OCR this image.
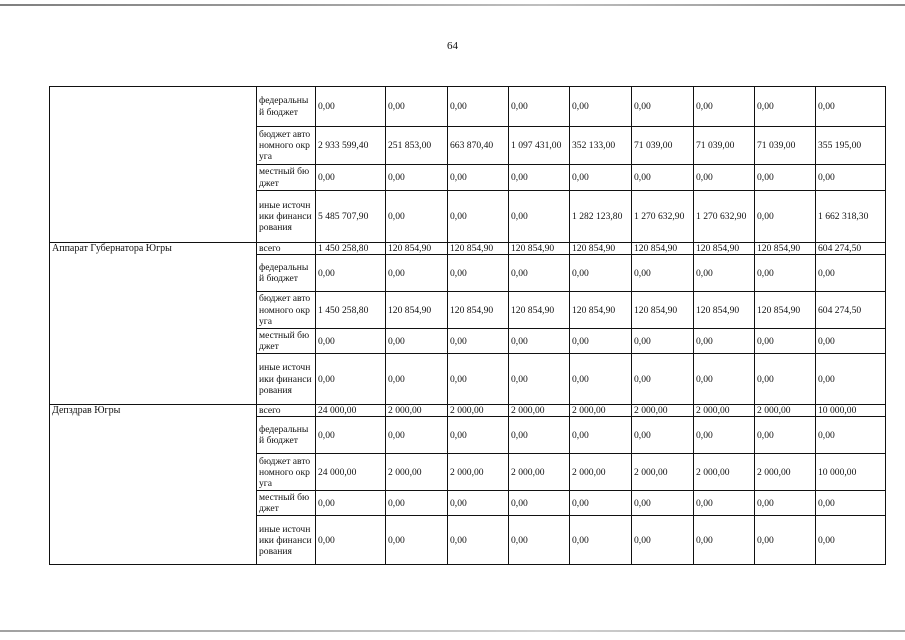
64
	федеральный бюджет	0,00	0,00	0,00	0,00	0,00	0,00	0,00	0,00	0,00
	бюджет автономного округа	2 933 599,40	251 853,00	663 870,40	1 097 431,00	352 133,00	71 039,00	71 039,00	71 039,00	355 195,00
	местный бюджет	0,00	0,00	0,00	0,00	0,00	0,00	0,00	0,00	0,00
	иные источники финансирования	5 485 707,90	0,00	0,00	0,00	1 282 123,80	1 270 632,90	1 270 632,90	0,00	1 662 318,30
Аппарат Губернатора Югры	всего	1 450 258,80	120 854,90	120 854,90	120 854,90	120 854,90	120 854,90	120 854,90	120 854,90	604 274,50
	федеральный бюджет	0,00	0,00	0,00	0,00	0,00	0,00	0,00	0,00	0,00
	бюджет автономного округа	1 450 258,80	120 854,90	120 854,90	120 854,90	120 854,90	120 854,90	120 854,90	120 854,90	604 274,50
	местный бюджет	0,00	0,00	0,00	0,00	0,00	0,00	0,00	0,00	0,00
	иные источники финансирования	0,00	0,00	0,00	0,00	0,00	0,00	0,00	0,00	0,00
Депздрав Югры	всего	24 000,00	2 000,00	2 000,00	2 000,00	2 000,00	2 000,00	2 000,00	2 000,00	10 000,00
	федеральный бюджет	0,00	0,00	0,00	0,00	0,00	0,00	0,00	0,00	0,00
	бюджет автономного округа	24 000,00	2 000,00	2 000,00	2 000,00	2 000,00	2 000,00	2 000,00	2 000,00	10 000,00
	местный бюджет	0,00	0,00	0,00	0,00	0,00	0,00	0,00	0,00	0,00
	иные источники финансирования	0,00	0,00	0,00	0,00	0,00	0,00	0,00	0,00	0,00
